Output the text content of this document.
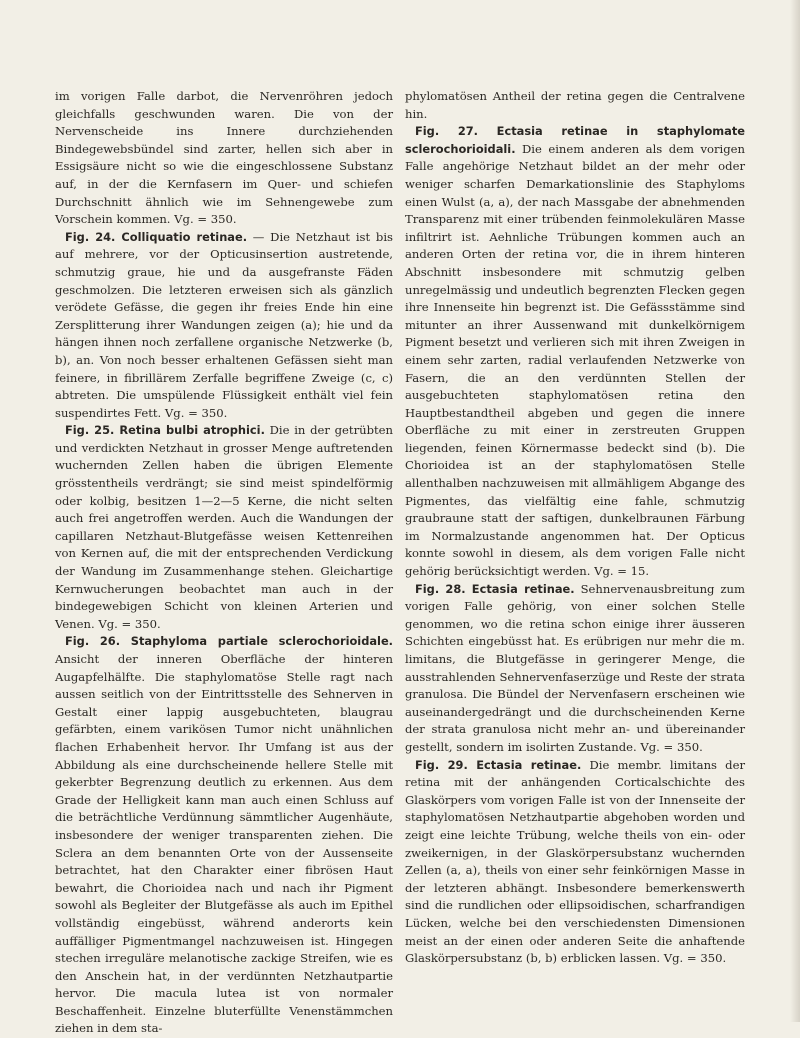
im vorigen Falle darbot, die Nervenröhren jedoch gleichfalls geschwunden waren. Die von der Nervenscheide ins Innere durchziehenden Bindegewebsbündel sind zarter, hellen sich aber in Essigsäure nicht so wie die eingeschlossene Substanz auf, in der die Kernfasern im Quer- und schiefen Durchschnitt ähnlich wie im Sehnengewebe zum Vorschein kommen. Vg. = 350.

Fig. 24. Colliquatio retinae. — Die Netzhaut ist bis auf mehrere, vor der Opticusinsertion austretende, schmutzig graue, hie und da ausgefranste Fäden geschmolzen. Die letzteren erweisen sich als gänzlich verödete Gefässe, die gegen ihr freies Ende hin eine Zersplitterung ihrer Wandungen zeigen (a); hie und da hängen ihnen noch zerfallene organische Netzwerke (b, b), an. Von noch besser erhaltenen Gefässen sieht man feinere, in fibrillärem Zerfalle begriffene Zweige (c, c) abtreten. Die umspülende Flüssigkeit enthält viel fein suspendirtes Fett. Vg. = 350.

Fig. 25. Retina bulbi atrophici. Die in der getrübten und verdickten Netzhaut in grosser Menge auftretenden wuchernden Zellen haben die übrigen Elemente grösstentheils verdrängt; sie sind meist spindelförmig oder kolbig, besitzen 1—2—5 Kerne, die nicht selten auch frei angetroffen werden. Auch die Wandungen der capillaren Netzhaut-Blutgefässe weisen Kettenreihen von Kernen auf, die mit der entsprechenden Verdickung der Wandung im Zusammenhange stehen. Gleichartige Kernwucherungen beobachtet man auch in der bindegewebigen Schicht von kleinen Arterien und Venen. Vg. = 350.

Fig. 26. Staphyloma partiale sclerochorioidale. Ansicht der inneren Oberfläche der hinteren Augapfelhälfte. Die staphylomatöse Stelle ragt nach aussen seitlich von der Eintrittsstelle des Sehnerven in Gestalt einer lappig ausgebuchteten, blaugrau gefärbten, einem varikösen Tumor nicht unähnlichen flachen Erhabenheit hervor. Ihr Umfang ist aus der Abbildung als eine durchscheinende hellere Stelle mit gekerbter Begrenzung deutlich zu erkennen. Aus dem Grade der Helligkeit kann man auch einen Schluss auf die beträchtliche Verdünnung sämmtlicher Augenhäute, insbesondere der weniger transparenten ziehen. Die Sclera an dem benannten Orte von der Aussenseite betrachtet, hat den Charakter einer fibrösen Haut bewahrt, die Chorioidea nach und nach ihr Pigment sowohl als Begleiter der Blutgefässe als auch im Epithel vollständig eingebüsst, während anderorts kein auffälliger Pigmentmangel nachzuweisen ist. Hingegen stechen irreguläre melanotische zackige Streifen, wie es den Anschein hat, in der verdünnten Netzhautpartie hervor. Die macula lutea ist von normaler Beschaffenheit. Einzelne bluterfüllte Venenstämmchen ziehen in dem sta-

phylomatösen Antheil der retina gegen die Centralvene hin.

Fig. 27. Ectasia retinae in staphylomate sclerochorioidali. Die einem anderen als dem vorigen Falle angehörige Netzhaut bildet an der mehr oder weniger scharfen Demarkationslinie des Staphyloms einen Wulst (a, a), der nach Massgabe der abnehmenden Transparenz mit einer trübenden feinmolekulären Masse infiltrirt ist. Aehnliche Trübungen kommen auch an anderen Orten der retina vor, die in ihrem hinteren Abschnitt insbesondere mit schmutzig gelben unregelmässig und undeutlich begrenzten Flecken gegen ihre Innenseite hin begrenzt ist. Die Gefässstämme sind mitunter an ihrer Aussenwand mit dunkelkörnigem Pigment besetzt und verlieren sich mit ihren Zweigen in einem sehr zarten, radial verlaufenden Netzwerke von Fasern, die an den verdünnten Stellen der ausgebuchteten staphylomatösen retina den Hauptbestandtheil abgeben und gegen die innere Oberfläche zu mit einer in zerstreuten Gruppen liegenden, feinen Körnermasse bedeckt sind (b). Die Chorioidea ist an der staphylomatösen Stelle allenthalben nachzuweisen mit allmähligem Abgange des Pigmentes, das vielfältig eine fahle, schmutzig graubraune statt der saftigen, dunkelbraunen Färbung im Normalzustande angenommen hat. Der Opticus konnte sowohl in diesem, als dem vorigen Falle nicht gehörig berücksichtigt werden. Vg. = 15.

Fig. 28. Ectasia retinae. Sehnervenausbreitung zum vorigen Falle gehörig, von einer solchen Stelle genommen, wo die retina schon einige ihrer äusseren Schichten eingebüsst hat. Es erübrigen nur mehr die m. limitans, die Blutgefässe in geringerer Menge, die ausstrahlenden Sehnervenfaserzüge und Reste der strata granulosa. Die Bündel der Nervenfasern erscheinen wie auseinandergedrängt und die durchscheinenden Kerne der strata granulosa nicht mehr an- und übereinander gestellt, sondern im isolirten Zustande. Vg. = 350.

Fig. 29. Ectasia retinae. Die membr. limitans der retina mit der anhängenden Corticalschichte des Glaskörpers vom vorigen Falle ist von der Innenseite der staphylomatösen Netzhautpartie abgehoben worden und zeigt eine leichte Trübung, welche theils von ein- oder zweikernigen, in der Glaskörpersubstanz wuchernden Zellen (a, a), theils von einer sehr feinkörnigen Masse in der letzteren abhängt. Insbesondere bemerkenswerth sind die rundlichen oder ellipsoidischen, scharfrandigen Lücken, welche bei den verschiedensten Dimensionen meist an der einen oder anderen Seite die anhaftende Glaskörpersubstanz (b, b) erblicken lassen. Vg. = 350.
